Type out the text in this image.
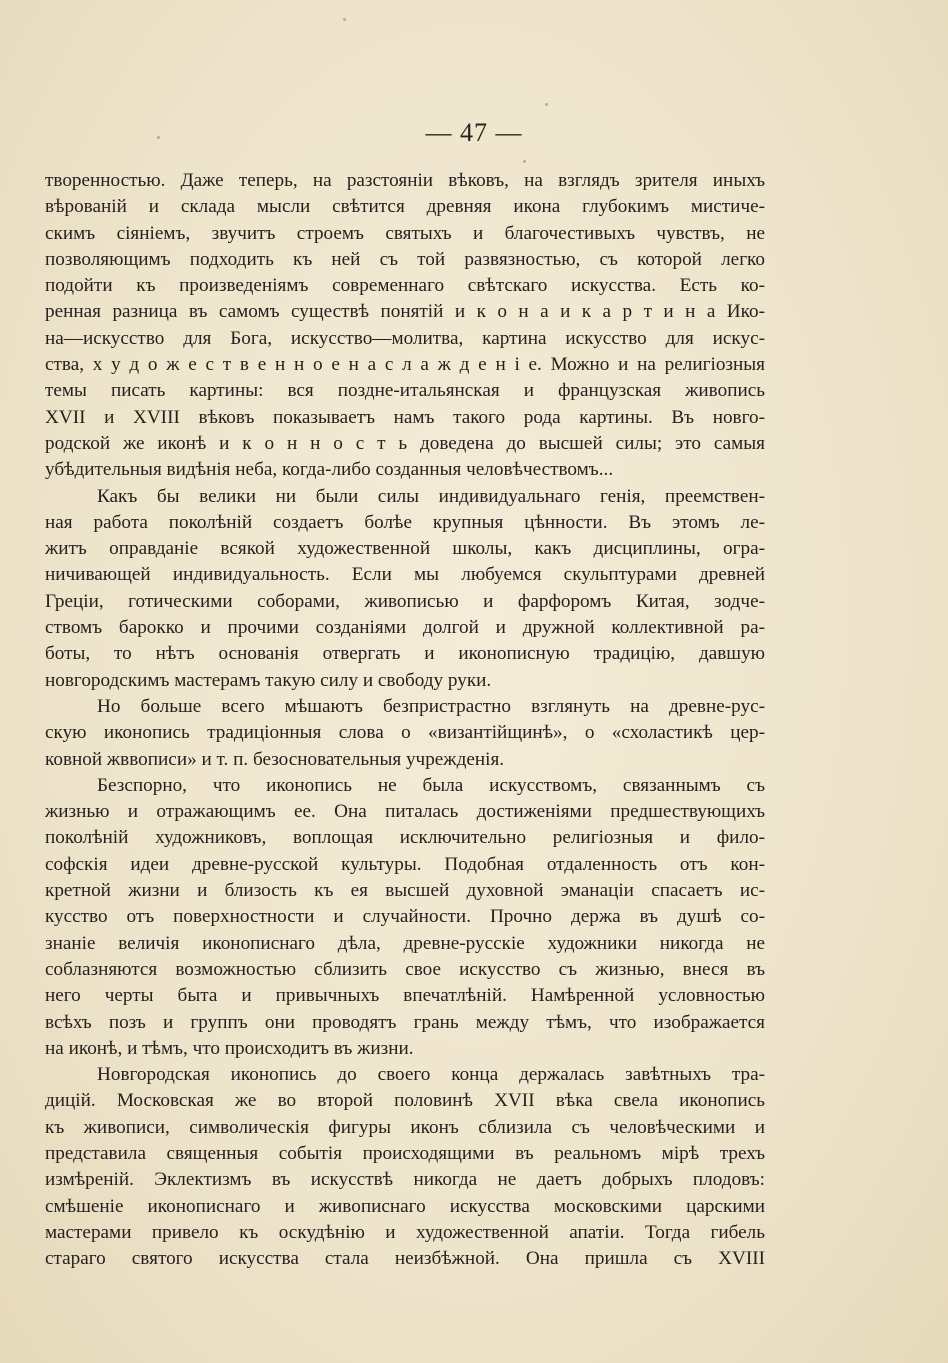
— 47 —
творенностью. Даже теперь, на разстоянiи вѣковъ, на взглядъ зрителя иныхъ
вѣрованiй и склада мысли свѣтится древняя икона глубокимъ мистиче-
скимъ сiянiемъ, звучитъ строемъ святыхъ и благочестивыхъ чувствъ, не
позволяющимъ подходить къ ней съ той развязностью, съ которой легко
подойти къ произведенiямъ современнаго свѣтскаго искусства. Есть ко-
ренная разница въ самомъ существѣ понятiй и к о н а и к а р т и н а Ико-
на—искусство для Бога, искусство—молитва, картина искусство для искус-
ства, х у д о ж е с т в е н н о е н а с л а ж д е н i е. Можно и на религiозныя
темы писать картины: вся поздне-итальянская и французская живопись
XVII и XVIII вѣковъ показываетъ намъ такого рода картины. Въ новго-
родской же иконѣ и к о н н о с т ь доведена до высшей силы; это самыя
убѣдительныя видѣнiя неба, когда-либо созданныя человѣчествомъ...
Какъ бы велики ни были силы индивидуальнаго генiя, преемствен-
ная работа поколѣнiй создаетъ болѣе крупныя цѣнности. Въ этомъ ле-
житъ оправданiе всякой художественной школы, какъ дисциплины, огра-
ничивающей индивидуальность. Если мы любуемся скульптурами древней
Грецiи, готическими соборами, живописью и фарфоромъ Китая, зодче-
ствомъ барокко и прочими созданiями долгой и дружной коллективной ра-
боты, то нѣтъ основанiя отвергать и иконописную традицiю, давшую
новгородскимъ мастерамъ такую силу и свободу руки.
Но больше всего мѣшаютъ безпристрастно взглянуть на древне-рус-
скую иконопись традицiонныя слова о «византiйщинѣ», о «схоластикѣ цер-
ковной жввописи» и т. п. безосновательныя учрежденiя.
Безспорно, что иконопись не была искусствомъ, связаннымъ съ
жизнью и отражающимъ ее. Она питалась достиженiями предшествующихъ
поколѣнiй художниковъ, воплощая исключительно религiозныя и фило-
софскiя идеи древне-русской культуры. Подобная отдаленность отъ кон-
кретной жизни и близость къ ея высшей духовной эманацiи спасаетъ ис-
кусство отъ поверхностности и случайности. Прочно держа въ душѣ со-
знанiе величiя иконописнаго дѣла, древне-русскiе художники никогда не
соблазняются возможностью сблизить свое искусство съ жизнью, внеся въ
него черты быта и привычныхъ впечатлѣнiй. Намѣренной условностью
всѣхъ позъ и группъ они проводятъ грань между тѣмъ, что изображается
на иконѣ, и тѣмъ, что происходитъ въ жизни.
Новгородская иконопись до своего конца держалась завѣтныхъ тра-
дицiй. Московская же во второй половинѣ XVII вѣка свела иконопись
къ живописи, символическiя фигуры иконъ сблизила съ человѣческими и
представила священныя событiя происходящими въ реальномъ мiрѣ трехъ
измѣренiй. Эклектизмъ въ искусствѣ никогда не даетъ добрыхъ плодовъ:
смѣшенiе иконописнаго и живописнаго искусства московскими царскими
мастерами привело къ оскудѣнiю и художественной апатiи. Тогда гибель
стараго святого искусства стала неизбѣжной. Она пришла съ XVIII
